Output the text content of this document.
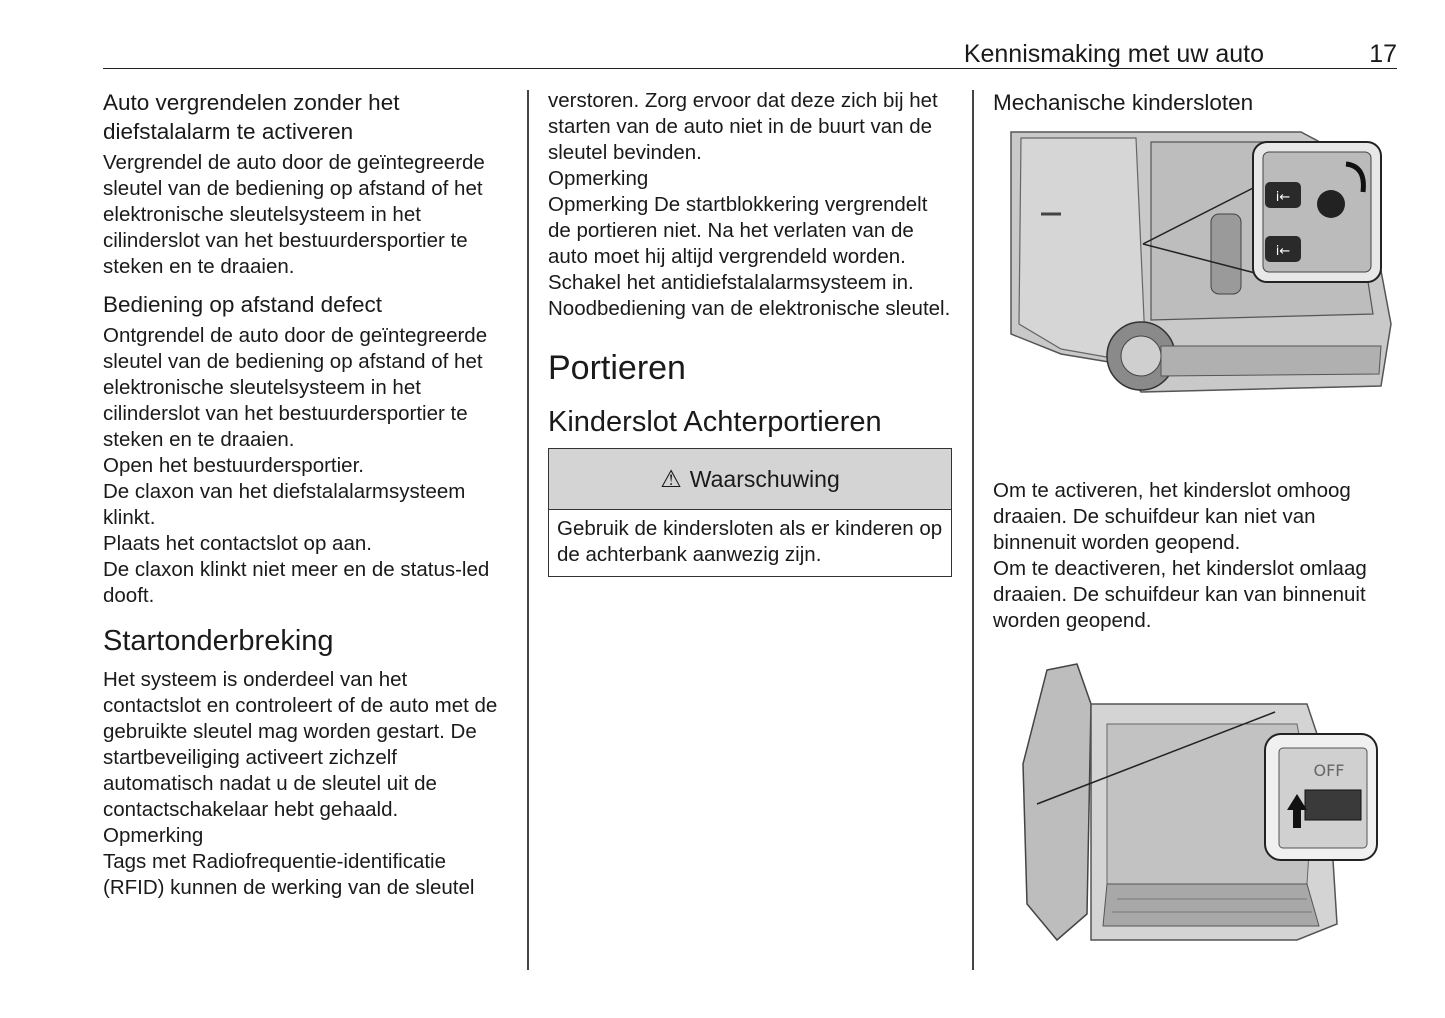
Kennismaking met uw auto	17
Auto vergrendelen zonder het diefstalalarm te activeren

Vergrendel de auto door de geïntegreerde sleutel van de bediening op afstand of het elektronische sleutelsysteem in het cilinderslot van het bestuurdersportier te steken en te draaien.

Bediening op afstand defect

Ontgrendel de auto door de geïntegreerde sleutel van de bediening op afstand of het elektronische sleutelsysteem in het cilinderslot van het bestuurdersportier te steken en te draaien.

Open het bestuurdersportier.

De claxon van het diefstalalarmsysteem klinkt.

Plaats het contactslot op aan.

De claxon klinkt niet meer en de status-led dooft.

Startonderbreking

Het systeem is onderdeel van het contactslot en controleert of de auto met de gebruikte sleutel mag worden gestart. De startbeveiliging activeert zichzelf automatisch nadat u de sleutel uit de contactschakelaar hebt gehaald.

Opmerking

Tags met Radiofrequentie-identificatie (RFID) kunnen de werking van de sleutel

verstoren. Zorg ervoor dat deze zich bij het starten van de auto niet in de buurt van de sleutel bevinden.

Opmerking

Opmerking De startblokkering vergrendelt de portieren niet. Na het verlaten van de auto moet hij altijd vergrendeld worden.

Schakel het antidiefstalalarmsysteem in.

Noodbediening van de elektronische sleutel.

Portieren
Kinderslot Achterportieren
⚠ Waarschuwing
Gebruik de kindersloten als er kinderen op de achterbank aanwezig zijn.
Mechanische kindersloten
i←
i←

Om te activeren, het kinderslot omhoog draaien. De schuifdeur kan niet van binnenuit worden geopend.

Om te deactiveren, het kinderslot omlaag draaien. De schuifdeur kan van binnenuit worden geopend.

OFF
